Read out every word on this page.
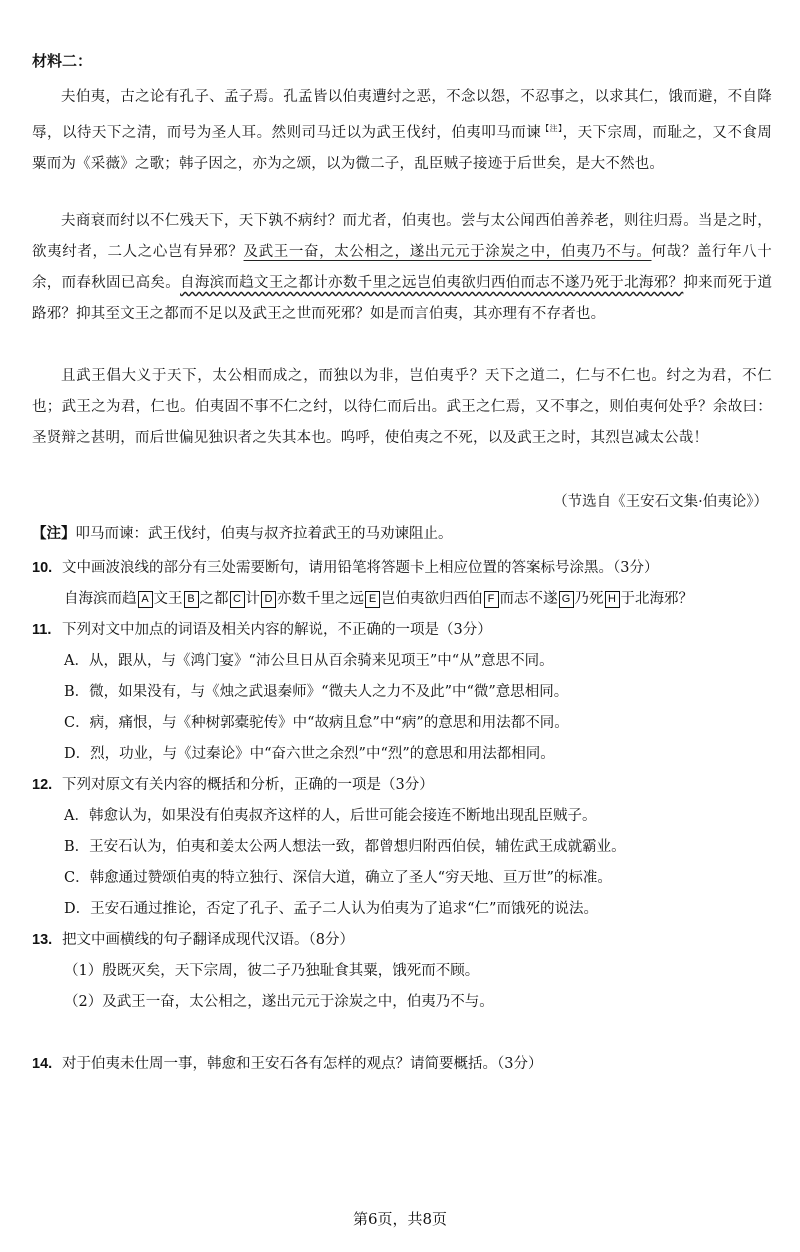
材料二：
夫伯夷，古之论有孔子、孟子焉。孔孟皆以伯夷遭纣之恶，不念以怨，不忍事之，以求其仁，饿而避，不自降辱，以待天下之清，而号为圣人耳。然则司马迁以为武王伐纣，伯夷叩马而谏$^{【注】}$，天下宗周，而耻之，又不食周粟而为《采薇》之歌；韩子因之，亦为之颂，以为微二子，乱臣贼子接迹于后世矣，是大不然也。
夫商衰而纣以不仁残天下，天下孰不病纣？而尤者，伯夷也。尝与太公闻西伯善养老，则往归焉。当是之时，欲夷纣者，二人之心岂有异邪？及武王一奋，太公相之，遂出元元于涂炭之中，伯夷乃不与。何哉？盖行年八十余，而春秋固已高矣。自海滨而趋文王之都计亦数千里之远岂伯夷欲归西伯而志不遂乃死于北海邪？抑来而死于道路邪？抑其至文王之都而不足以及武王之世而死邪？如是而言伯夷，其亦理有不存者也。
且武王倡大义于天下，太公相而成之，而独以为非，岂伯夷乎？天下之道二，仁与不仁也。纣之为君，不仁也；武王之为君，仁也。伯夷固不事不仁之纣，以待仁而后出。武王之仁焉，又不事之，则伯夷何处乎？余故曰：圣贤辩之甚明，而后世偏见独识者之失其本也。呜呼，使伯夷之不死，以及武王之时，其烈岂减太公哉！
（节选自《王安石文集·伯夷论》）
【注】叩马而谏：武王伐纣，伯夷与叔齐拉着武王的马劝谏阻止。
10. 文中画波浪线的部分有三处需要断句，请用铅笔将答题卡上相应位置的答案标号涂黑。（3分）
自海滨而趋 A 文王 B 之都 C 计 D 亦数千里之远 E 岂伯夷欲归西伯 F 而志不遂 G 乃死 H 于北海邪？
11. 下列对文中加点的词语及相关内容的解说，不正确的一项是（3分）
A．从，跟从，与《鸿门宴》“沛公旦日从百余骑来见项王”中“从”意思不同。
B．微，如果没有，与《烛之武退秦师》“微夫人之力不及此”中“微”意思相同。
C．病，痛恨，与《种树郭橐驼传》中“故病且怠”中“病”的意思和用法都不同。
D．烈，功业，与《过秦论》中“奋六世之余烈”中“烈”的意思和用法都相同。
12. 下列对原文有关内容的概括和分析，正确的一项是（3分）
A．韩愈认为，如果没有伯夷叔齐这样的人，后世可能会接连不断地出现乱臣贼子。
B．王安石认为，伯夷和姜太公两人想法一致，都曾想归附西伯侯，辅佐武王成就霸业。
C．韩愈通过赞颂伯夷的特立独行、深信大道，确立了圣人“穷天地、亘万世”的标准。
D．王安石通过推论，否定了孔子、孟子二人认为伯夷为了追求“仁”而饿死的说法。
13. 把文中画横线的句子翻译成现代汉语。（8分）
（1）殷既灭矣，天下宗周，彼二子乃独耻食其粟，饿死而不顾。
（2）及武王一奋，太公相之，遂出元元于涂炭之中，伯夷乃不与。
14. 对于伯夷未仕周一事，韩愈和王安石各有怎样的观点？请简要概括。（3分）
第6页，共8页
